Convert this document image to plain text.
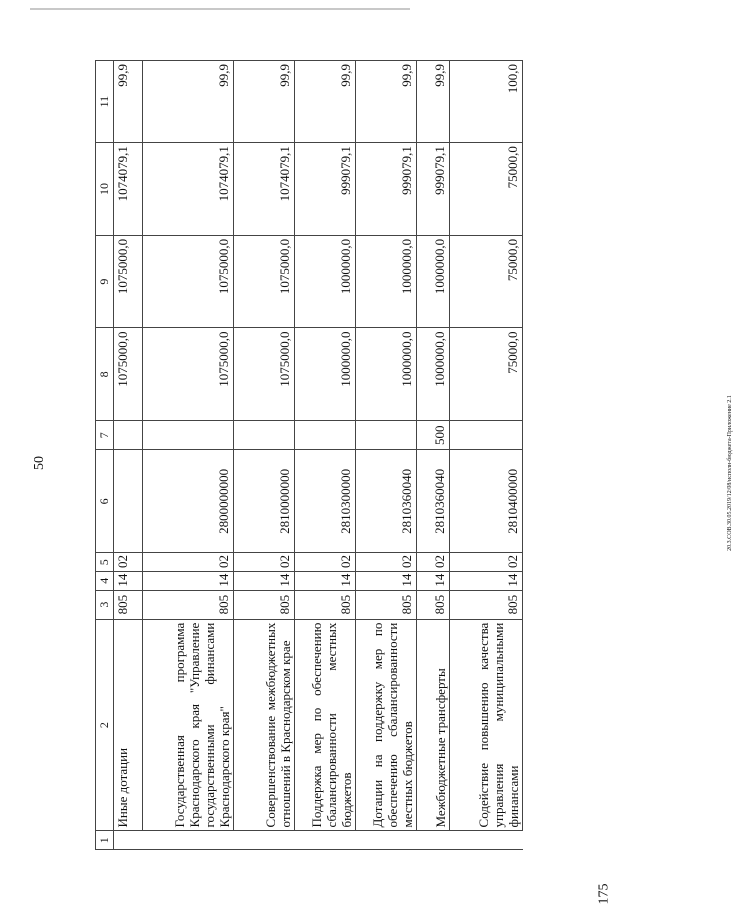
50	20.3.СОВ.30.05.2019/12/08/исполн-бюджета-Приложение 2.1
175
1	2	3	4	5	6	7	8	9	10	11
	Иные дотации	805	14	02			1075000,0	1075000,0	1074079,1	99,9
	Государственная программа Краснодарского края "Управление государственными финансами Краснодарского края"	805	14	02	2800000000		1075000,0	1075000,0	1074079,1	99,9
	Совершенствование межбюджетных отношений в Краснодарском крае	805	14	02	2810000000		1075000,0	1075000,0	1074079,1	99,9
	Поддержка мер по обеспечению сбалансированности местных бюджетов	805	14	02	2810300000		1000000,0	1000000,0	999079,1	99,9
	Дотации на поддержку мер по обеспечению сбалансированности местных бюджетов	805	14	02	2810360040		1000000,0	1000000,0	999079,1	99,9
	Межбюджетные трансферты	805	14	02	2810360040	500	1000000,0	1000000,0	999079,1	99,9
	Содействие повышению качества управления муниципальными финансами	805	14	02	2810400000		75000,0	75000,0	75000,0	100,0
